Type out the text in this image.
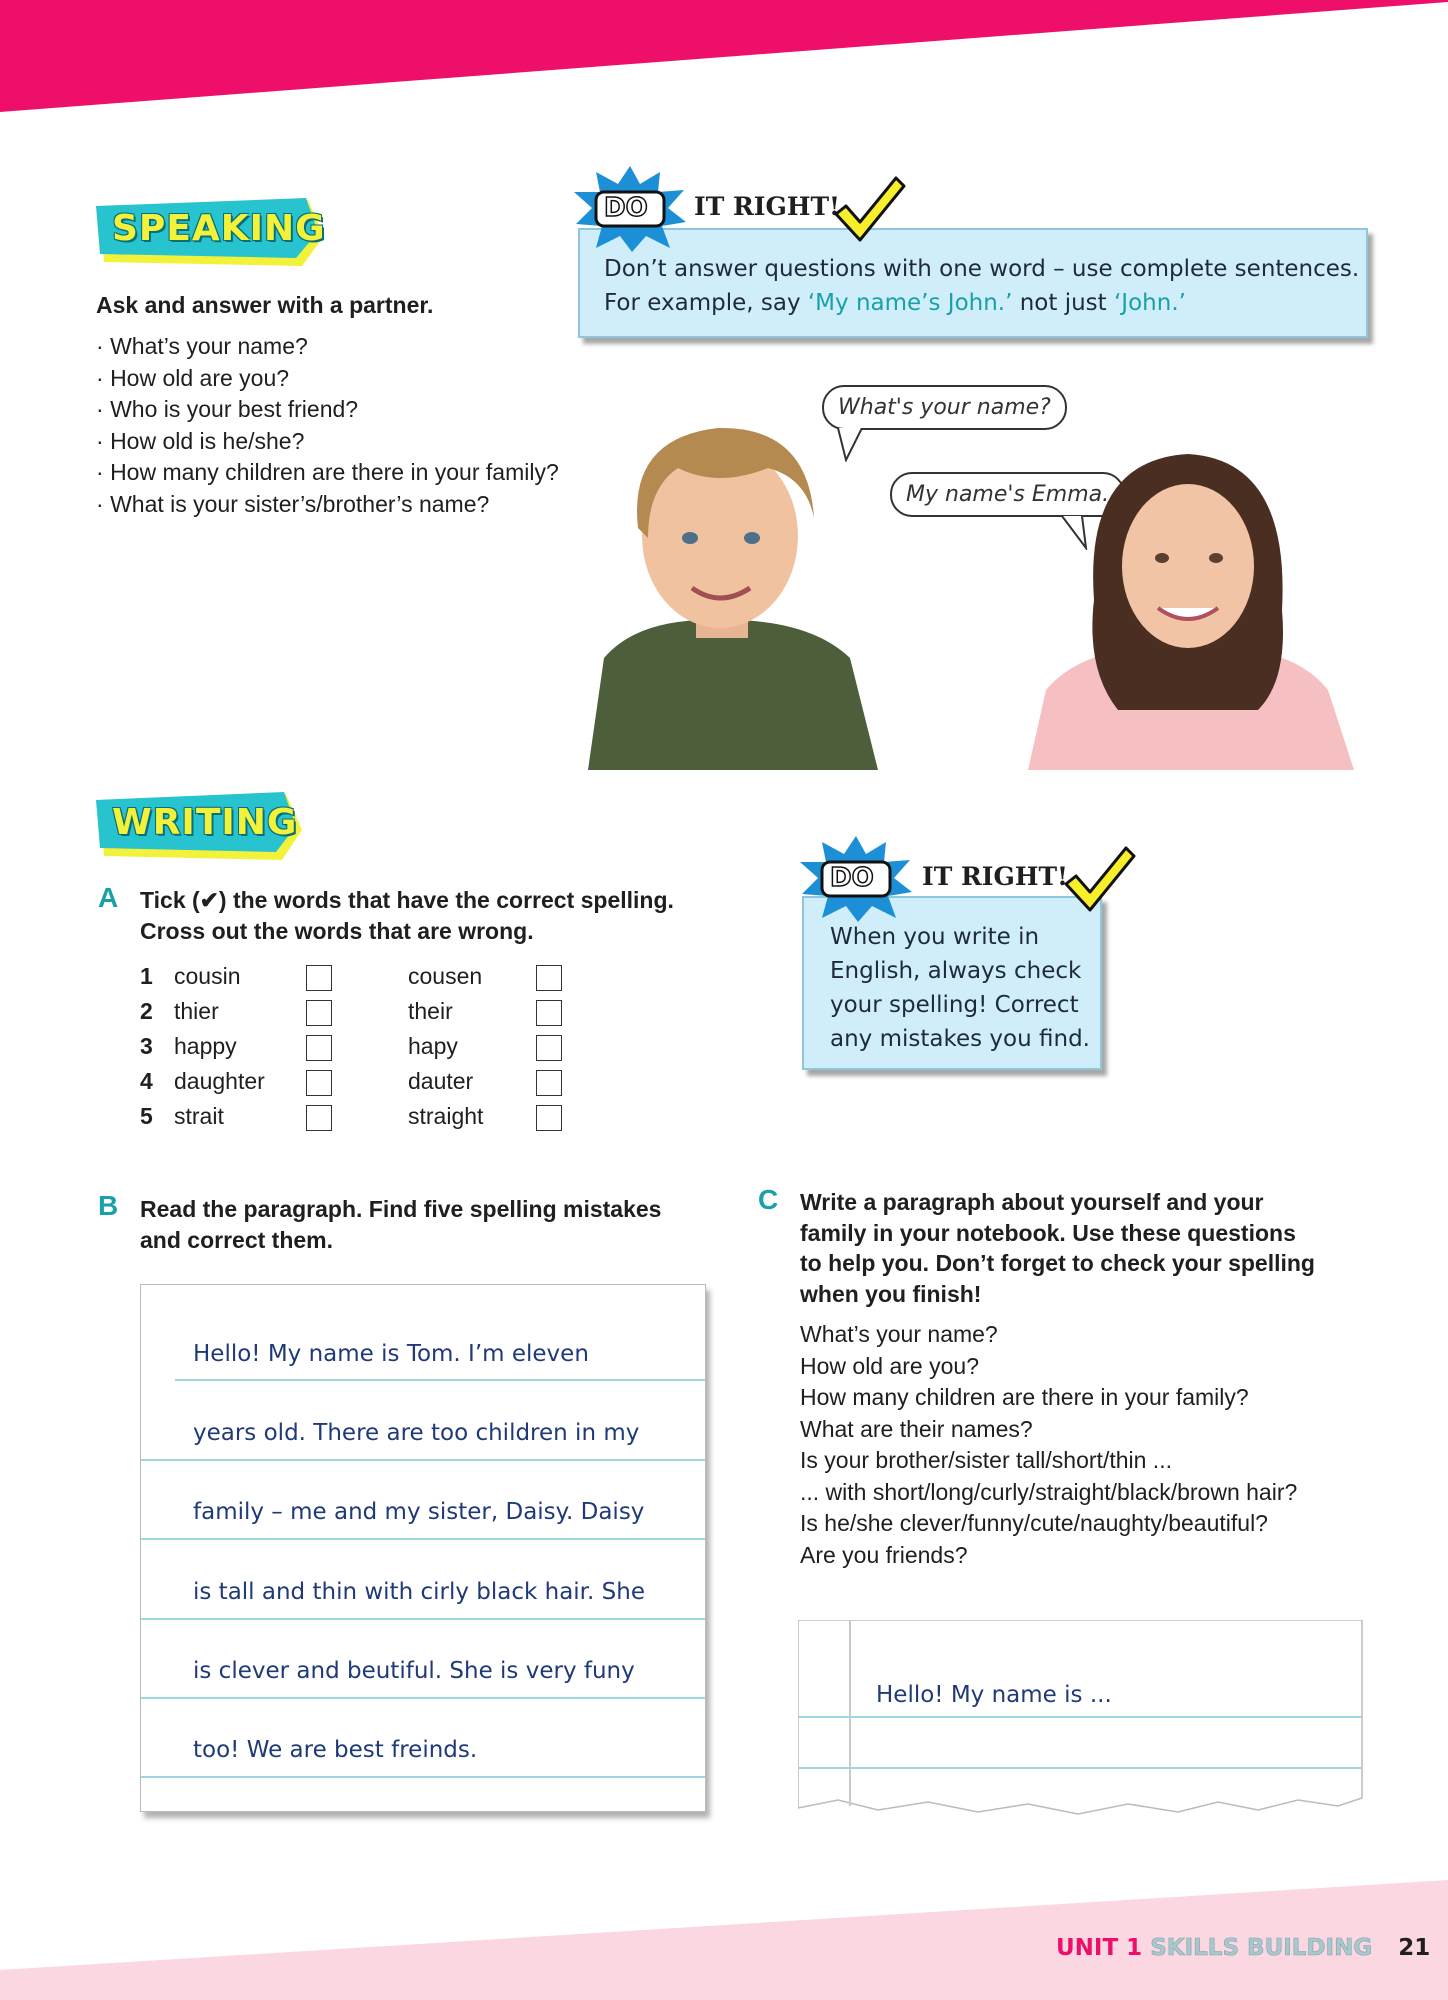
SPEAKING
Ask and answer with a partner.
· What’s your name?
· How old are you?
· Who is your best friend?
· How old is he/she?
· How many children are there in your family?
· What is your sister’s/brother’s name?
Don’t answer questions with one word – use complete sentences.
For example, say ‘My name’s John.’ not just ‘John.’
DO IT RIGHT!
What's your name?
My name's Emma.
WRITING
A Tick (✔) the words that have the correct spelling.
Cross out the words that are wrong.
1 cousin	cousen
2 thier	their
3 happy	hapy
4 daughter	dauter
5 strait	straight
When you write in
English, always check
your spelling! Correct
any mistakes you find.
DO IT RIGHT!
B Read the paragraph. Find five spelling mistakes
and correct them.
Hello! My name is Tom. I’m eleven
years old. There are too children in my
family – me and my sister, Daisy. Daisy
is tall and thin with cirly black hair. She
is clever and beutiful. She is very funy
too! We are best freinds.
C Write a paragraph about yourself and your
family in your notebook. Use these questions
to help you. Don’t forget to check your spelling
when you finish!
What’s your name?
How old are you?
How many children are there in your family?
What are their names?
Is your brother/sister tall/short/thin ...
... with short/long/curly/straight/black/brown hair?
Is he/she clever/funny/cute/naughty/beautiful?
Are you friends?
Hello! My name is ...
UNIT 1 SKILLS BUILDING 21
